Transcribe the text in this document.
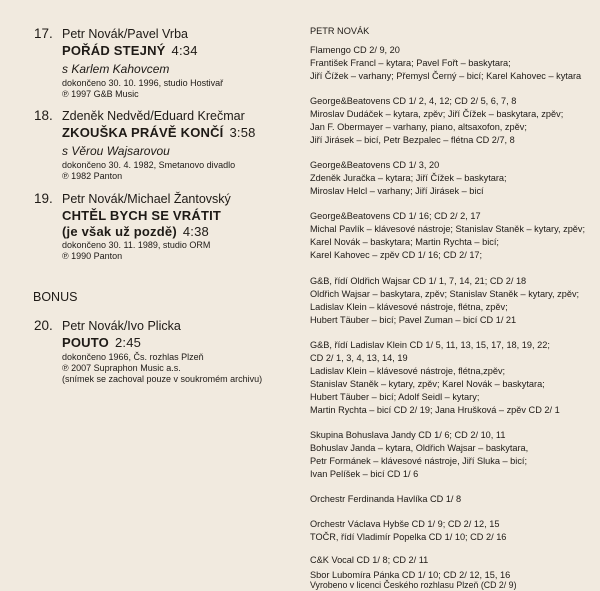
17. Petr Novák/Pavel Vrba
POŘÁD STEJNÝ 4:34
s Karlem Kahovcem
dokončeno 30. 10. 1996, studio Hostivař
℗ 1997 G&B Music
18. Zdeněk Nedvěd/Eduard Krečmar
ZKOUŠKA PRÁVĚ KONČÍ 3:58
s Věrou Wajsarovou
dokončeno 30. 4. 1982, Smetanovo divadlo
℗ 1982 Panton
19. Petr Novák/Michael Žantovský
CHTĚL BYCH SE VRÁTIT
(je však už pozdě) 4:38
dokončeno 30. 11. 1989, studio ORM
℗ 1990 Panton
BONUS
20. Petr Novák/Ivo Plicka
POUTO 2:45
dokončeno 1966, Čs. rozhlas Plzeň
℗ 2007 Supraphon Music a.s.
(snímek se zachoval pouze v soukromém archivu)
PETR NOVÁK
Flamengo CD 2/ 9, 20
František Francl – kytara; Pavel Fořt – baskytara;
Jiří Čížek – varhany; Přemysl Černý – bicí; Karel Kahovec – kytara
George&Beatovens CD 1/ 2, 4, 12; CD 2/ 5, 6, 7, 8
Miroslav Dudáček – kytara, zpěv; Jiří Čížek – baskytara, zpěv;
Jan F. Obermayer – varhany, piano, altsaxofon, zpěv;
Jiří Jirásek – bicí, Petr Bezpalec – flétna CD 2/7, 8
George&Beatovens CD 1/ 3, 20
Zdeněk Juračka – kytara; Jiří Čížek – baskytara;
Miroslav Helcl – varhany; Jiří Jirásek – bicí
George&Beatovens CD 1/ 16; CD 2/ 2, 17
Michal Pavlík – klávesové nástroje; Stanislav Staněk – kytary, zpěv;
Karel Novák – baskytara; Martin Rychta – bicí;
Karel Kahovec – zpěv CD 1/ 16; CD 2/ 17;
G&B, řídí Oldřich Wajsar CD 1/ 1, 7, 14, 21; CD 2/ 18
Oldřich Wajsar – baskytara, zpěv; Stanislav Staněk – kytary, zpěv;
Ladislav Klein – klávesové nástroje, flétna, zpěv;
Hubert Täuber – bicí; Pavel Zuman – bicí CD 1/ 21
G&B, řídí Ladislav Klein CD 1/ 5, 11, 13, 15, 17, 18, 19, 22;
CD 2/ 1, 3, 4, 13, 14, 19
Ladislav Klein – klávesové nástroje, flétna,zpěv;
Stanislav Staněk – kytary, zpěv; Karel Novák – baskytara;
Hubert Täuber – bicí; Adolf Seidl – kytary;
Martin Rychta – bicí CD 2/ 19; Jana Hrušková – zpěv CD 2/ 1
Skupina Bohuslava Jandy CD 1/ 6; CD 2/ 10, 11
Bohuslav Janda – kytara, Oldřich Wajsar – baskytara,
Petr Formánek – klávesové nástroje, Jiří Sluka – bicí;
Ivan Pelíšek – bicí CD 1/ 6
Orchestr Ferdinanda Havlíka CD 1/ 8
Orchestr Václava Hybše CD 1/ 9; CD 2/ 12, 15
TOČR, řídí Vladimír Popelka CD 1/ 10; CD 2/ 16
C&K Vocal CD 1/ 8; CD 2/ 11
Sbor Lubomíra Pánka CD 1/ 10; CD 2/ 12, 15, 16
Vyrobeno v licenci Českého rozhlasu Plzeň (CD 2/ 9)
